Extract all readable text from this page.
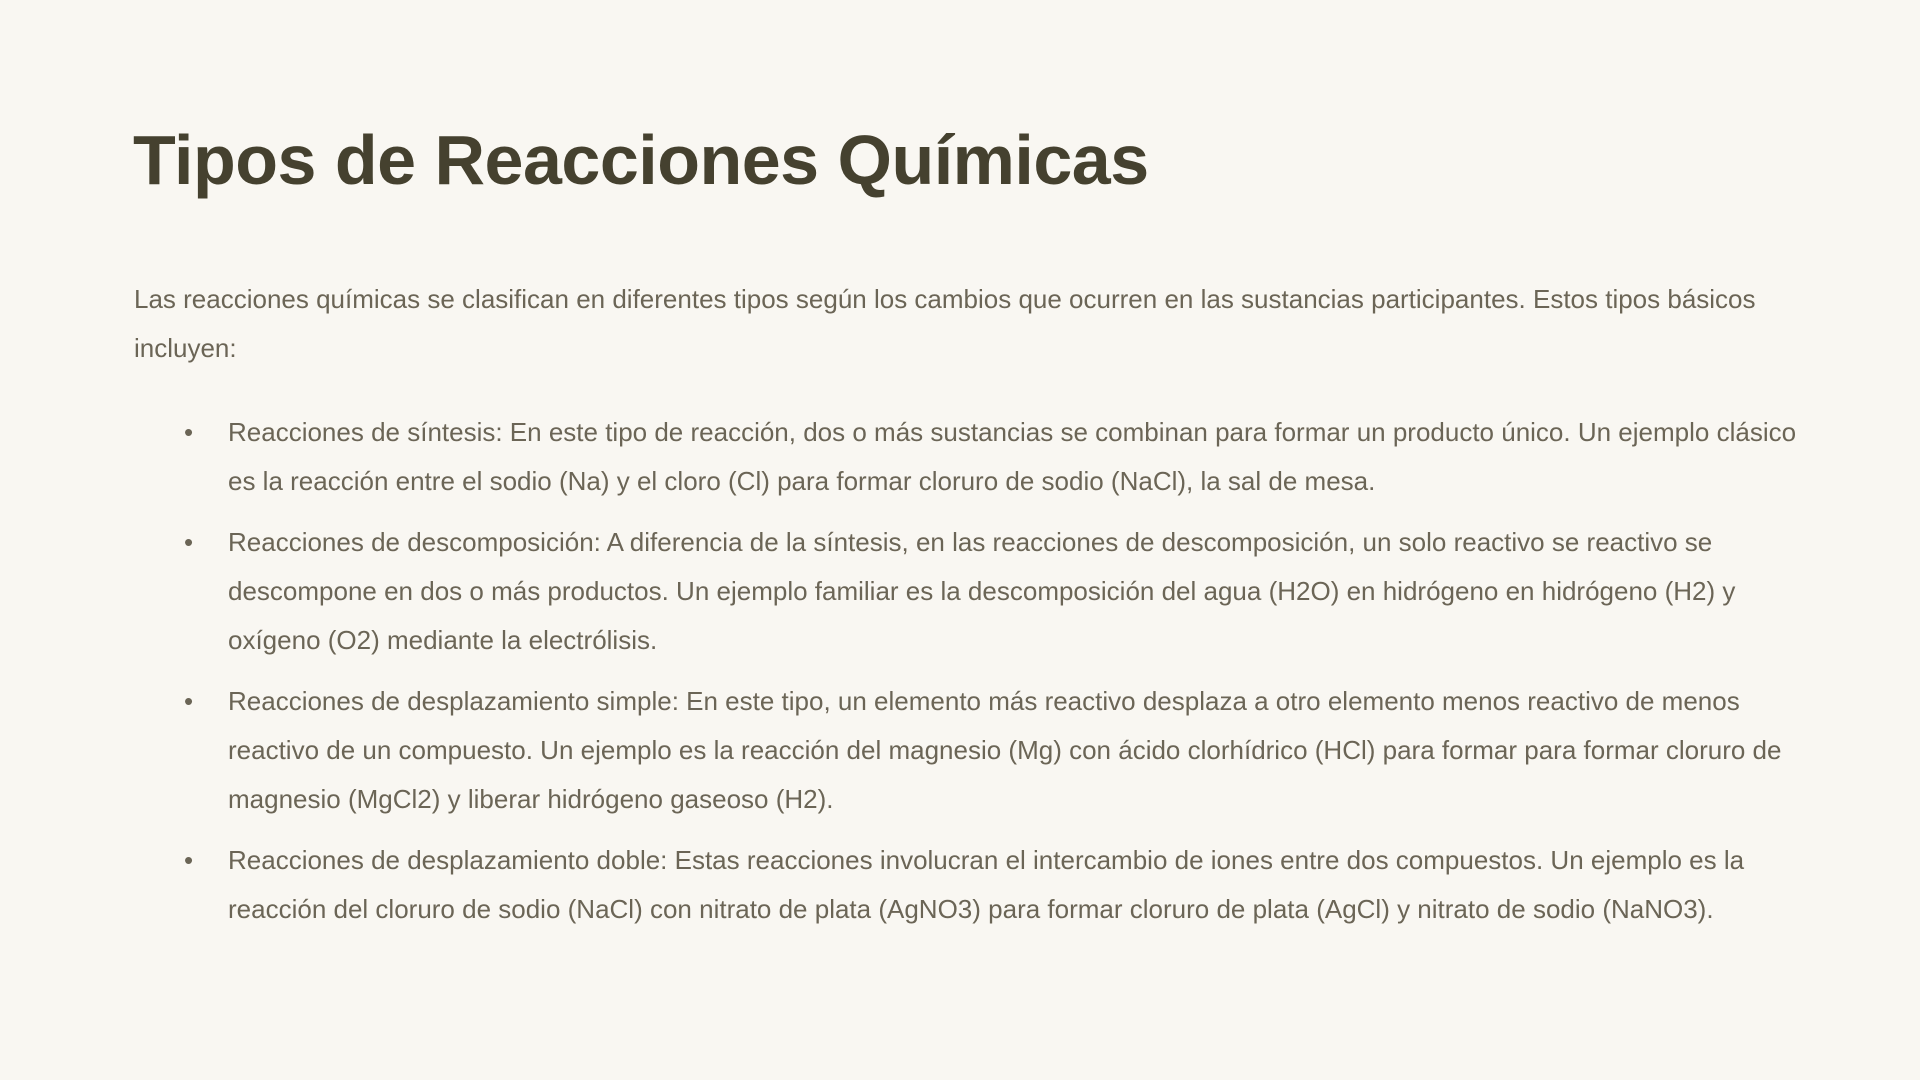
Tipos de Reacciones Químicas

Las reacciones químicas se clasifican en diferentes tipos según los cambios que ocurren en las sustancias participantes. Estos tipos básicos incluyen:

• Reacciones de síntesis: En este tipo de reacción, dos o más sustancias se combinan para formar un producto único. Un ejemplo clásico es la reacción entre el sodio (Na) y el cloro (Cl) para formar cloruro de sodio (NaCl), la sal de mesa.
• Reacciones de descomposición: A diferencia de la síntesis, en las reacciones de descomposición, un solo reactivo se reactivo se descompone en dos o más productos. Un ejemplo familiar es la descomposición del agua (H2O) en hidrógeno en hidrógeno (H2) y oxígeno (O2) mediante la electrólisis.
• Reacciones de desplazamiento simple: En este tipo, un elemento más reactivo desplaza a otro elemento menos reactivo de menos reactivo de un compuesto. Un ejemplo es la reacción del magnesio (Mg) con ácido clorhídrico (HCl) para formar para formar cloruro de magnesio (MgCl2) y liberar hidrógeno gaseoso (H2).
• Reacciones de desplazamiento doble: Estas reacciones involucran el intercambio de iones entre dos compuestos. Un ejemplo es la reacción del cloruro de sodio (NaCl) con nitrato de plata (AgNO3) para formar cloruro de plata (AgCl) y nitrato de sodio (NaNO3).
